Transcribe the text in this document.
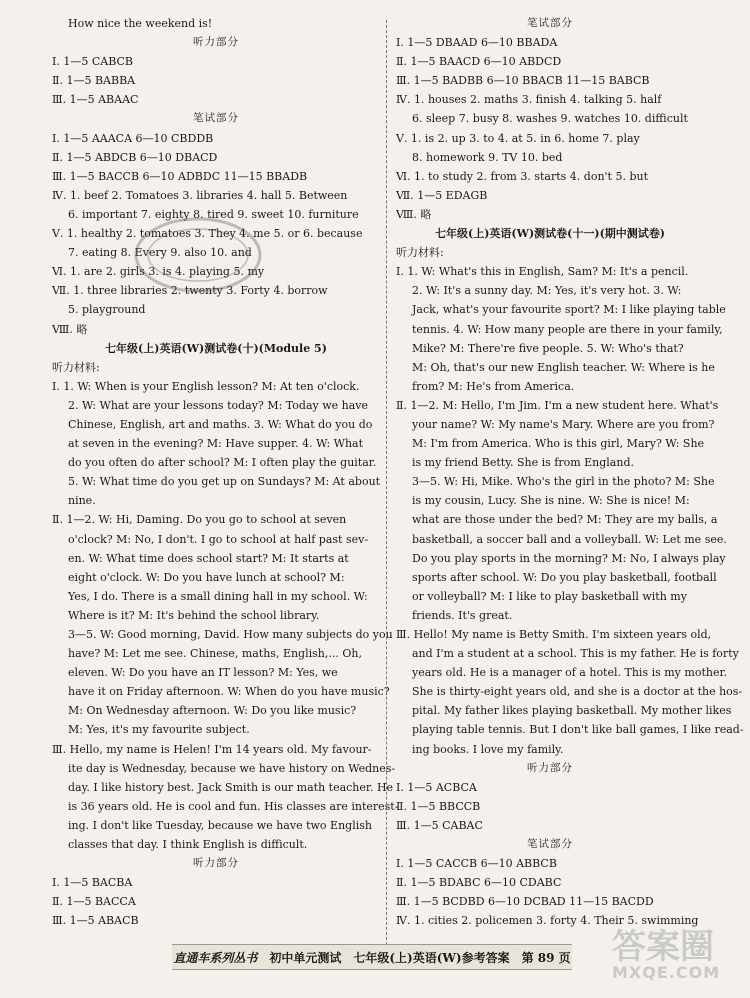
How nice the weekend is!
听力部分
Ⅰ. 1—5 CABCB
Ⅱ. 1—5 BABBA
Ⅲ. 1—5 ABAAC
笔试部分
Ⅰ. 1—5 AAACA 6—10 CBDDB
Ⅱ. 1—5 ABDCB 6—10 DBACD
Ⅲ. 1—5 BACCB 6—10 ADBDC 11—15 BBADB
Ⅳ. 1. beef 2. Tomatoes 3. libraries 4. hall 5. Between
6. important 7. eighty 8. tired 9. sweet 10. furniture
Ⅴ. 1. healthy 2. tomatoes 3. They 4. me 5. or 6. because
7. eating 8. Every 9. also 10. and
Ⅵ. 1. are 2. girls 3. is 4. playing 5. my
Ⅶ. 1. three libraries 2. twenty 3. Forty 4. borrow
5. playground
Ⅷ. 略
七年级(上)英语(W)测试卷(十)(Module 5)
听力材料:
Ⅰ. 1. W: When is your English lesson? M: At ten o'clock.
2. W: What are your lessons today? M: Today we have
Chinese, English, art and maths. 3. W: What do you do
at seven in the evening? M: Have supper. 4. W: What
do you often do after school? M: I often play the guitar.
5. W: What time do you get up on Sundays? M: At about
nine.
Ⅱ. 1—2. W: Hi, Daming. Do you go to school at seven
o'clock? M: No, I don't. I go to school at half past sev-
en. W: What time does school start? M: It starts at
eight o'clock. W: Do you have lunch at school? M:
Yes, I do. There is a small dining hall in my school. W:
Where is it? M: It's behind the school library.
3—5. W: Good morning, David. How many subjects do you
have? M: Let me see. Chinese, maths, English,... Oh,
eleven. W: Do you have an IT lesson? M: Yes, we
have it on Friday afternoon. W: When do you have music?
M: On Wednesday afternoon. W: Do you like music?
M: Yes, it's my favourite subject.
Ⅲ. Hello, my name is Helen! I'm 14 years old. My favour-
ite day is Wednesday, because we have history on Wednes-
day. I like history best. Jack Smith is our math teacher. He
is 36 years old. He is cool and fun. His classes are interest-
ing. I don't like Tuesday, because we have two English
classes that day. I think English is difficult.
听力部分
Ⅰ. 1—5 BACBA
Ⅱ. 1—5 BACCA
Ⅲ. 1—5 ABACB
笔试部分
Ⅰ. 1—5 DBAAD 6—10 BBADA
Ⅱ. 1—5 BAACD 6—10 ABDCD
Ⅲ. 1—5 BADBB 6—10 BBACB 11—15 BABCB
Ⅳ. 1. houses 2. maths 3. finish 4. talking 5. half
6. sleep 7. busy 8. washes 9. watches 10. difficult
Ⅴ. 1. is 2. up 3. to 4. at 5. in 6. home 7. play
8. homework 9. TV 10. bed
Ⅵ. 1. to study 2. from 3. starts 4. don't 5. but
Ⅶ. 1—5 EDAGB
Ⅷ. 略
七年级(上)英语(W)测试卷(十一)(期中测试卷)
听力材料:
Ⅰ. 1. W: What's this in English, Sam? M: It's a pencil.
2. W: It's a sunny day. M: Yes, it's very hot. 3. W:
Jack, what's your favourite sport? M: I like playing table
tennis. 4. W: How many people are there in your family,
Mike? M: There're five people. 5. W: Who's that?
M: Oh, that's our new English teacher. W: Where is he
from? M: He's from America.
Ⅱ. 1—2. M: Hello, I'm Jim. I'm a new student here. What's
your name? W: My name's Mary. Where are you from?
M: I'm from America. Who is this girl, Mary? W: She
is my friend Betty. She is from England.
3—5. W: Hi, Mike. Who's the girl in the photo? M: She
is my cousin, Lucy. She is nine. W: She is nice! M:
what are those under the bed? M: They are my balls, a
basketball, a soccer ball and a volleyball. W: Let me see.
Do you play sports in the morning? M: No, I always play
sports after school. W: Do you play basketball, football
or volleyball? M: I like to play basketball with my
friends. It's great.
Ⅲ. Hello! My name is Betty Smith. I'm sixteen years old,
and I'm a student at a school. This is my father. He is forty
years old. He is a manager of a hotel. This is my mother.
She is thirty-eight years old, and she is a doctor at the hos-
pital. My father likes playing basketball. My mother likes
playing table tennis. But I don't like ball games, I like read-
ing books. I love my family.
听力部分
Ⅰ. 1—5 ACBCA
Ⅱ. 1—5 BBCCB
Ⅲ. 1—5 CABAC
笔试部分
Ⅰ. 1—5 CACCB 6—10 ABBCB
Ⅱ. 1—5 BDABC 6—10 CDABC
Ⅲ. 1—5 BCDBD 6—10 DCBAD 11—15 BACDD
Ⅳ. 1. cities 2. policemen 3. forty 4. Their 5. swimming
直通车系列丛书 初中单元测试 七年级(上)英语(W)参考答案 第 89 页 答案圈
MXQE.COM
